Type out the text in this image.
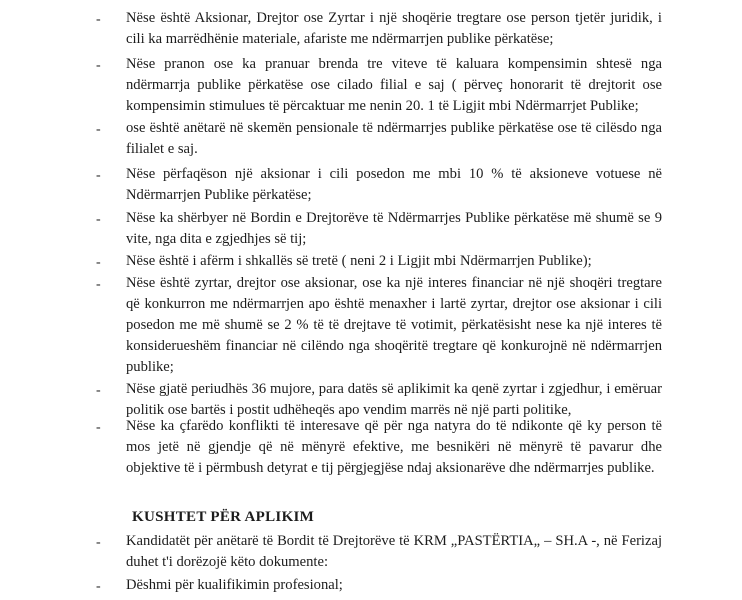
- Nëse është Aksionar, Drejtor ose Zyrtar i një shoqërie tregtare ose person tjetër juridik, i cili ka marrëdhënie materiale, afariste me ndërmarrjen publike përkatëse;
- Nëse pranon ose ka pranuar brenda tre viteve të kaluara kompensimin shtesë nga ndërmarrja publike përkatëse ose cilado filial e saj ( përveç honorarit të drejtorit ose kompensimin stimulues të përcaktuar me nenin 20. 1 të Ligjit mbi Ndërmarrjet Publike;
- ose është anëtarë në skemën pensionale të ndërmarrjes publike përkatëse ose të cilësdo nga filialet e saj.
- Nëse përfaqëson një aksionar i cili posedon me mbi 10 % të aksioneve votuese në Ndërmarrjen Publike përkatëse;
- Nëse ka shërbyer në Bordin e Drejtorëve të Ndërmarrjes Publike përkatëse më shumë se 9 vite, nga dita e zgjedhjes së tij;
- Nëse është i afërm i shkallës së tretë ( neni 2 i Ligjit mbi Ndërmarrjen Publike);
- Nëse është zyrtar, drejtor ose aksionar, ose ka një interes financiar në një shoqëri tregtare që konkurron me ndërmarrjen apo është menaxher i lartë zyrtar, drejtor ose aksionar i cili posedon me më shumë se 2 % të të drejtave të votimit, përkatësisht nese ka një interes të konsiderueshëm financiar në cilëndo nga shoqëritë tregtare që konkurojnë në ndërmarrjen publike;
- Nëse gjatë periudhës 36 mujore, para datës së aplikimit ka qenë zyrtar i zgjedhur, i emëruar politik ose bartës i postit udhëheqës apo vendim marrës në një parti politike,
- Nëse ka çfarëdo konflikti të interesave që për nga natyra do të ndikonte që ky person të mos jetë në gjendje që në mënyrë efektive, me besnikëri në mënyrë të pavarur dhe objektive të i përmbush detyrat e tij përgjegjëse ndaj aksionarëve dhe ndërmarrjes publike.
KUSHTET PËR APLIKIM
- Kandidatët për anëtarë të Bordit të Drejtorëve të KRM „PASTËRTIA„ – SH.A -, në Ferizaj duhet t'i dorëzojë këto dokumente:
- Dëshmi për kualifikimin profesional;
